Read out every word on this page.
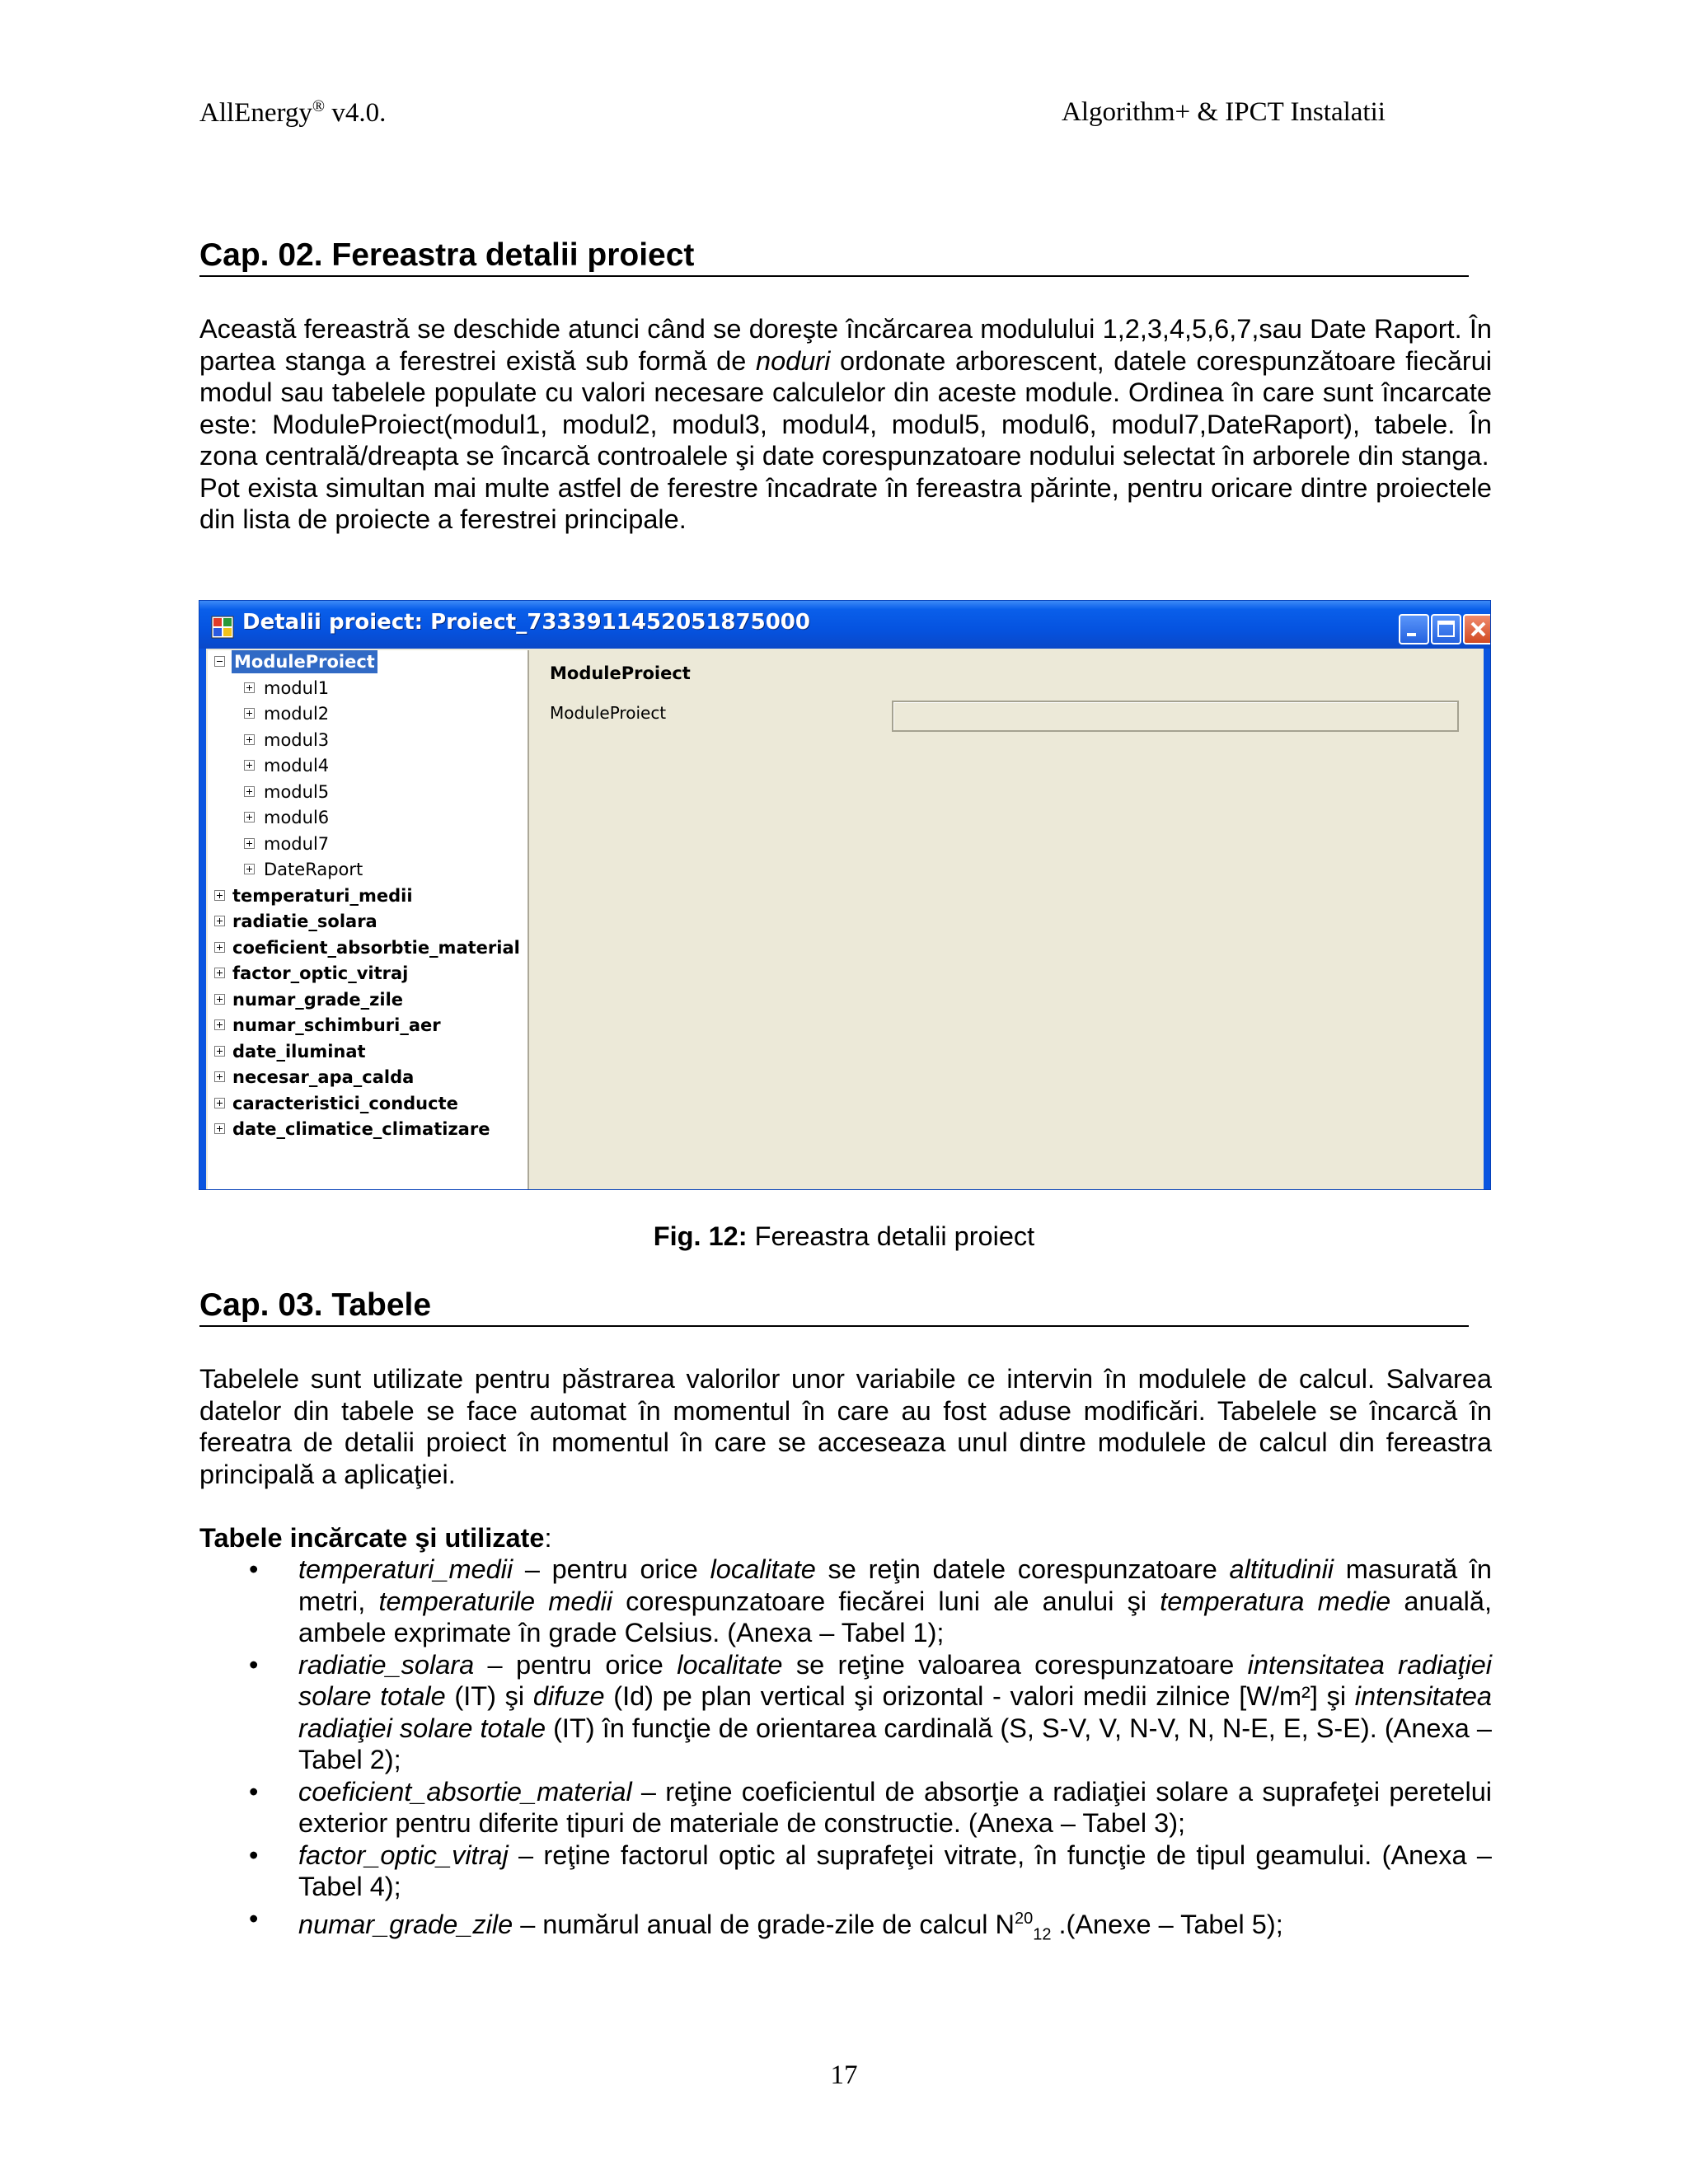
AllEnergy® v4.0.	Algorithm+ & IPCT Instalatii
Cap. 02. Fereastra detalii proiect

Această fereastră se deschide atunci când se doreşte încărcarea modulului 1,2,3,4,5,6,7,sau Date Raport. În partea stanga a ferestrei există sub formă de noduri ordonate arborescent, datele corespunzătoare fiecărui modul sau tabelele populate cu valori necesare calculelor din aceste module. Ordinea în care sunt încarcate este: ModuleProiect(modul1, modul2, modul3, modul4, modul5, modul6, modul7,DateRaport), tabele. În zona centrală/dreapta se încarcă controalele şi date corespunzatoare nodului selectat în arborele din stanga.

Pot exista simultan mai multe astfel de ferestre încadrate în fereastra părinte, pentru oricare dintre proiectele din lista de proiecte a ferestrei principale.

Detalii proiect: Proiect_7333911452051875000
ModuleProiect
modul1
modul2
modul3
modul4
modul5
modul6
modul7
DateRaport
temperaturi_medii
radiatie_solara
coeficient_absorbtie_material
factor_optic_vitraj
numar_grade_zile
numar_schimburi_aer
date_iluminat
necesar_apa_calda
caracteristici_conducte
date_climatice_climatizare
ModuleProiect
ModuleProiect
Fig. 12: Fereastra detalii proiect
Cap. 03. Tabele
Tabelele sunt utilizate pentru păstrarea valorilor unor variabile ce intervin în modulele de calcul. Salvarea datelor din tabele se face automat în momentul în care au fost aduse modificări. Tabelele se încarcă în fereatra de detalii proiect în momentul în care se acceseaza unul dintre modulele de calcul din fereastra principală a aplicaţiei.
Tabele incărcate şi utilizate:

• temperaturi_medii – pentru orice localitate se reţin datele corespunzatoare altitudinii masurată în metri, temperaturile medii corespunzatoare fiecărei luni ale anului şi temperatura medie anuală, ambele exprimate în grade Celsius. (Anexa – Tabel 1);

• radiatie_solara – pentru orice localitate se reţine valoarea corespunzatoare intensitatea radiaţiei solare totale (IT) şi difuze (Id) pe plan vertical şi orizontal - valori medii zilnice [W/m²] şi intensitatea radiaţiei solare totale (IT) în funcţie de orientarea cardinală (S, S-V, V, N-V, N, N-E, E, S-E). (Anexa – Tabel 2);

• coeficient_absortie_material – reţine coeficientul de absorţie a radiaţiei solare a suprafeţei peretelui exterior pentru diferite tipuri de materiale de constructie. (Anexa – Tabel 3);

• factor_optic_vitraj – reţine factorul optic al suprafeţei vitrate, în funcţie de tipul geamului. (Anexa – Tabel 4);

• numar_grade_zile – numărul anual de grade-zile de calcul $N^{20}_{12}$ .(Anexe – Tabel 5);

17
